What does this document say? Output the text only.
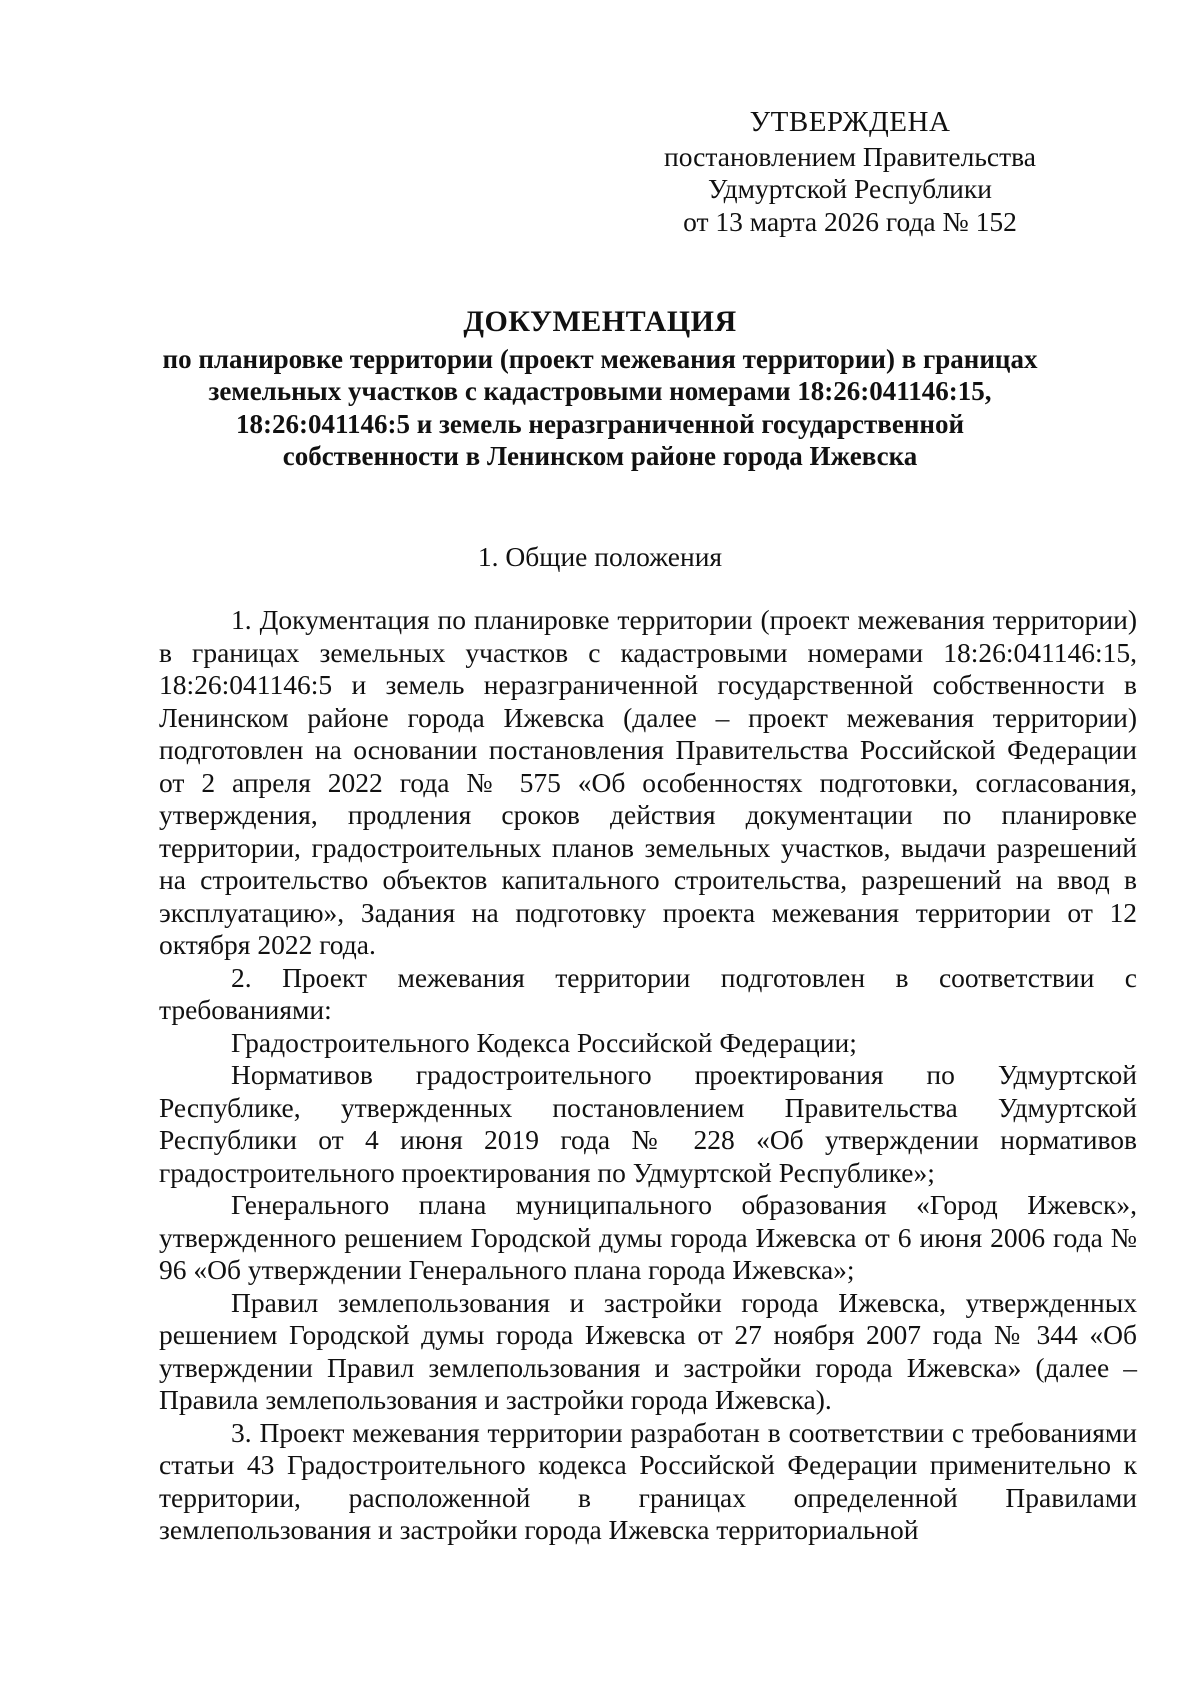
УТВЕРЖДЕНА
постановлением Правительства
Удмуртской Республики
от 13 марта 2026 года № 152
ДОКУМЕНТАЦИЯ
по планировке территории (проект межевания территории) в границах
земельных участков с кадастровыми номерами 18:26:041146:15,
18:26:041146:5 и земель неразграниченной государственной
собственности в Ленинском районе города Ижевска
1. Общие положения

1. Документация по планировке территории (проект межевания территории) в границах земельных участков с кадастровыми номерами 18:26:041146:15, 18:26:041146:5 и земель неразграниченной государственной собственности в Ленинском районе города Ижевска (далее – проект межевания территории) подготовлен на основании постановления Правительства Российской Федерации от 2 апреля 2022 года № 575 «Об особенностях подготовки, согласования, утверждения, продления сроков действия документации по планировке территории, градостроительных планов земельных участков, выдачи разрешений на строительство объектов капитального строительства, разрешений на ввод в эксплуатацию», Задания на подготовку проекта межевания территории от 12 октября 2022 года.

2. Проект межевания территории подготовлен в соответствии с требованиями:

Градостроительного Кодекса Российской Федерации;

Нормативов градостроительного проектирования по Удмуртской Республике, утвержденных постановлением Правительства Удмуртской Республики от 4 июня 2019 года № 228 «Об утверждении нормативов градостроительного проектирования по Удмуртской Республике»;

Генерального плана муниципального образования «Город Ижевск», утвержденного решением Городской думы города Ижевска от 6 июня 2006 года № 96 «Об утверждении Генерального плана города Ижевска»;

Правил землепользования и застройки города Ижевска, утвержденных решением Городской думы города Ижевска от 27 ноября 2007 года № 344 «Об утверждении Правил землепользования и застройки города Ижевска» (далее – Правила землепользования и застройки города Ижевска).

3. Проект межевания территории разработан в соответствии с требованиями статьи 43 Градостроительного кодекса Российской Федерации применительно к территории, расположенной в границах определенной Правилами землепользования и застройки города Ижевска территориальной
